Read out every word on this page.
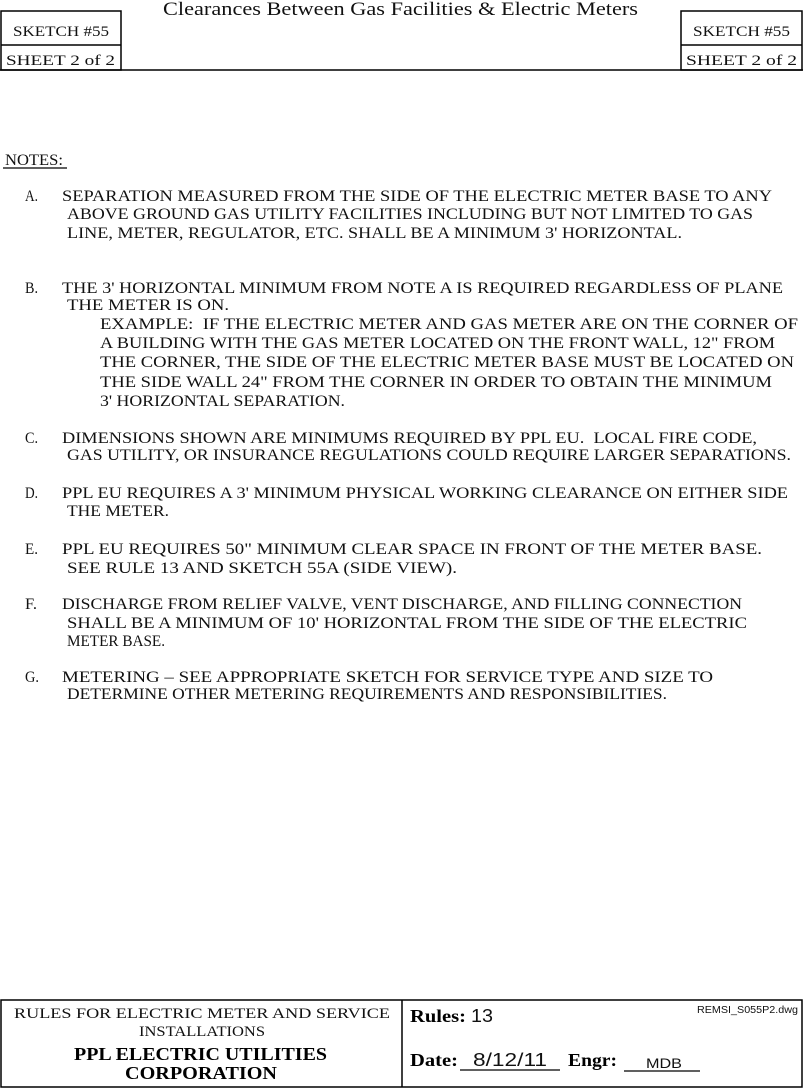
Clearances Between Gas Facilities & Electric Meters
SKETCH #55
SHEET 2 of 2
SKETCH #55
SHEET 2 of 2
NOTES:
A. SEPARATION MEASURED FROM THE SIDE OF THE ELECTRIC METER BASE TO ANY
ABOVE GROUND GAS UTILITY FACILITIES INCLUDING BUT NOT LIMITED TO GAS
LINE, METER, REGULATOR, ETC. SHALL BE A MINIMUM 3' HORIZONTAL.
B. THE 3' HORIZONTAL MINIMUM FROM NOTE A IS REQUIRED REGARDLESS OF PLANE
THE METER IS ON.
EXAMPLE:  IF THE ELECTRIC METER AND GAS METER ARE ON THE CORNER OF
A BUILDING WITH THE GAS METER LOCATED ON THE FRONT WALL, 12" FROM
THE CORNER, THE SIDE OF THE ELECTRIC METER BASE MUST BE LOCATED ON
THE SIDE WALL 24" FROM THE CORNER IN ORDER TO OBTAIN THE MINIMUM
3' HORIZONTAL SEPARATION.
C. DIMENSIONS SHOWN ARE MINIMUMS REQUIRED BY PPL EU.  LOCAL FIRE CODE,
GAS UTILITY, OR INSURANCE REGULATIONS COULD REQUIRE LARGER SEPARATIONS.
D. PPL EU REQUIRES A 3' MINIMUM PHYSICAL WORKING CLEARANCE ON EITHER SIDE
THE METER.
E. PPL EU REQUIRES 50" MINIMUM CLEAR SPACE IN FRONT OF THE METER BASE.
SEE RULE 13 AND SKETCH 55A (SIDE VIEW).
F. DISCHARGE FROM RELIEF VALVE, VENT DISCHARGE, AND FILLING CONNECTION
SHALL BE A MINIMUM OF 10' HORIZONTAL FROM THE SIDE OF THE ELECTRIC
METER BASE.
G. METERING – SEE APPROPRIATE SKETCH FOR SERVICE TYPE AND SIZE TO
DETERMINE OTHER METERING REQUIREMENTS AND RESPONSIBILITIES.
RULES FOR ELECTRIC METER AND SERVICE
INSTALLATIONS
PPL ELECTRIC UTILITIES
CORPORATION
Rules: 13	REMSI_S055P2.dwg
Date: 8/12/11 Engr: MDB
